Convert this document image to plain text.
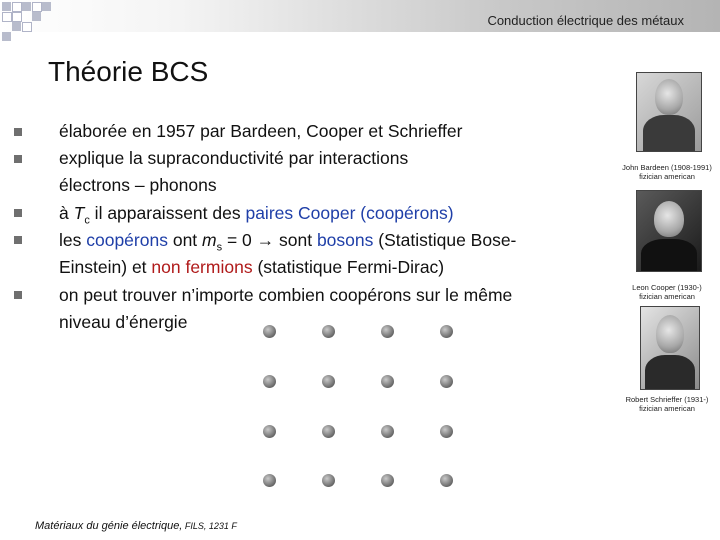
Conduction électrique des métaux
Théorie BCS
élaborée en 1957 par Bardeen, Cooper et Schrieffer
explique la supraconductivité par interactions
électrons – phonons
à $T_c$ il apparaissent des paires Cooper (coopérons)
les coopérons ont $m_s = 0$ → sont bosons (Statistique Bose-
Einstein) et non fermions (statistique Fermi-Dirac)
on peut trouver n’importe combien coopérons sur le même
niveau d’énergie
John Bardeen (1908-1991)
fizician american
Leon Cooper (1930-)
fizician american
Robert Schrieffer (1931-)
fizician american
Matériaux du génie électrique, FILS, 1231 F
